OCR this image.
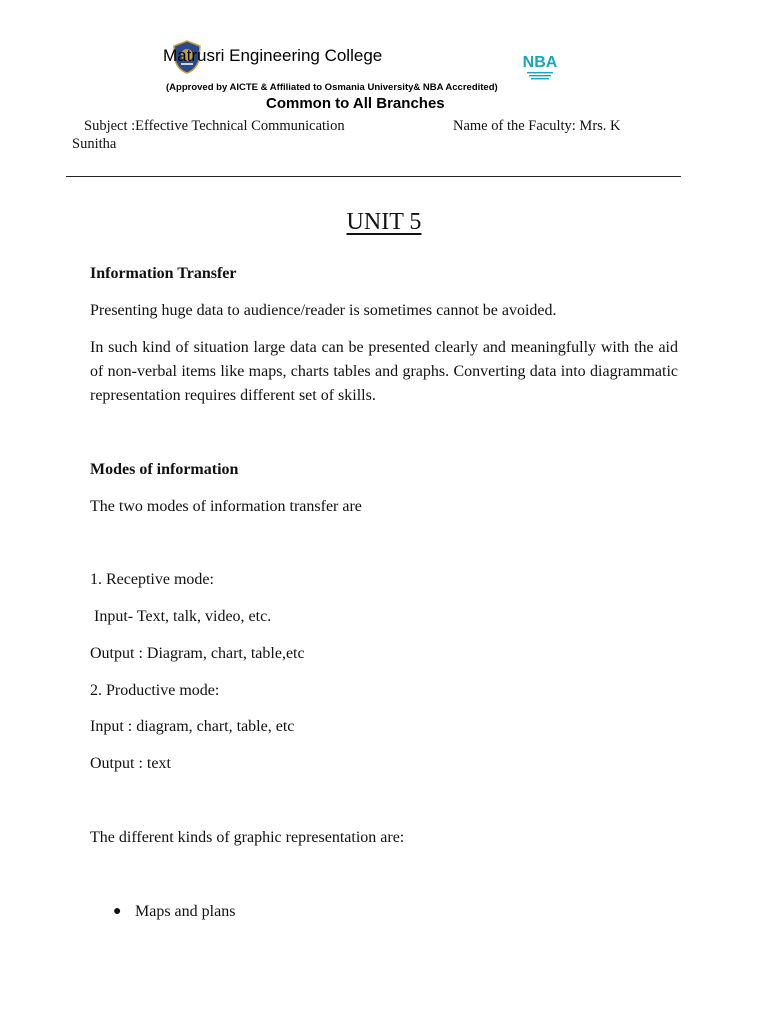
Matrusri Engineering College	NBA
(Approved by AICTE & Affiliated to Osmania University& NBA Accredited)
Common to All Branches
Subject :Effective Technical Communication	Name of the Faculty: Mrs. K
Sunitha
UNIT 5
Information Transfer
Presenting huge data to audience/reader is sometimes cannot be avoided.
In such kind of situation large data can be presented clearly and meaningfully with the aid of non-verbal items like maps, charts tables and graphs. Converting data into diagrammatic representation requires different set of skills.
Modes of information
The two modes of information transfer are
1. Receptive mode:
Input- Text, talk, video, etc.
Output : Diagram, chart, table,etc
2. Productive mode:
Input : diagram, chart, table, etc
Output : text
The different kinds of graphic representation are:
● Maps and plans
